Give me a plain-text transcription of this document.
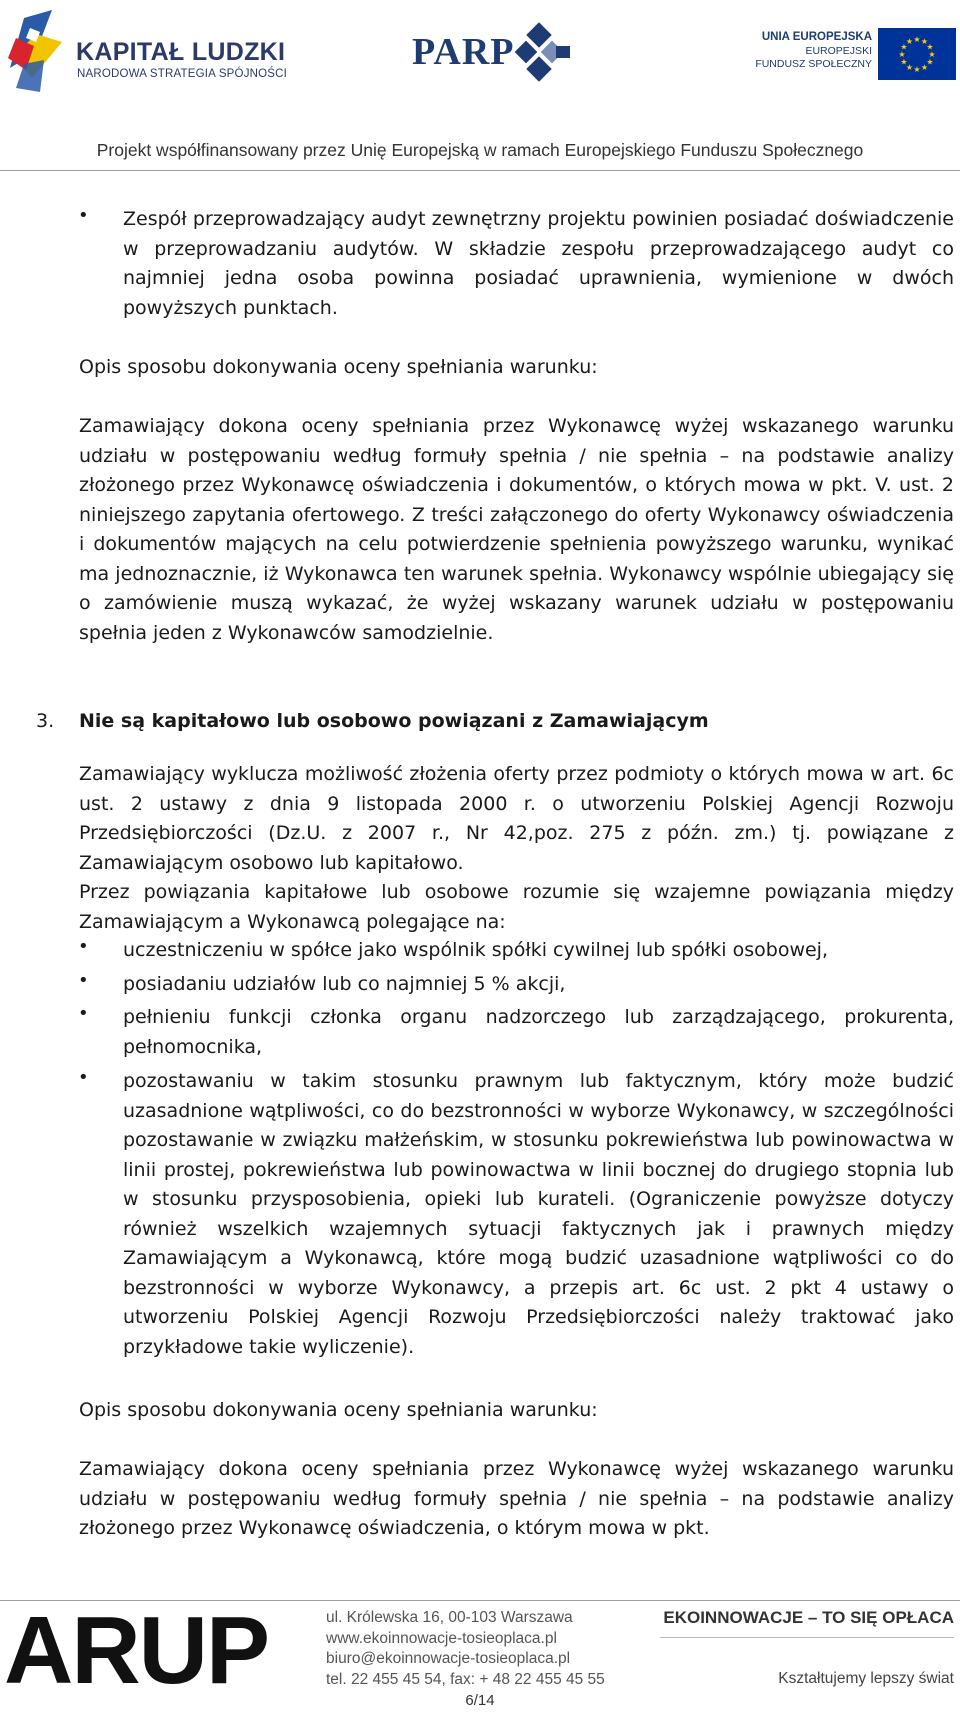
KAPITAŁ LUDZKI
NARODOWA STRATEGIA SPÓJNOŚCI
PARP	UNIA EUROPEJSKA
EUROPEJSKI
FUNDUSZ SPOŁECZNY
★ ★
★
★
★
★
★
★
★
★
★
★
Projekt współfinansowany przez Unię Europejską w ramach Europejskiego Funduszu Społecznego
• Zespół przeprowadzający audyt zewnętrzny projektu powinien posiadać doświadczenie w przeprowadzaniu audytów. W składzie zespołu przeprowadzającego audyt co najmniej jedna osoba powinna posiadać uprawnienia, wymienione w dwóch powyższych punktach.
Opis sposobu dokonywania oceny spełniania warunku:
Zamawiający dokona oceny spełniania przez Wykonawcę wyżej wskazanego warunku udziału w postępowaniu według formuły spełnia / nie spełnia – na podstawie analizy złożonego przez Wykonawcę oświadczenia i dokumentów, o których mowa w pkt. V. ust. 2 niniejszego zapytania ofertowego. Z treści załączonego do oferty Wykonawcy oświadczenia i dokumentów mających na celu potwierdzenie spełnienia powyższego warunku, wynikać ma jednoznacznie, iż Wykonawca ten warunek spełnia. Wykonawcy wspólnie ubiegający się o zamówienie muszą wykazać, że wyżej wskazany warunek udziału w postępowaniu spełnia jeden z Wykonawców samodzielnie.
3. Nie są kapitałowo lub osobowo powiązani z Zamawiającym
Zamawiający wyklucza możliwość złożenia oferty przez podmioty o których mowa w art. 6c ust. 2 ustawy z dnia 9 listopada 2000 r. o utworzeniu Polskiej Agencji Rozwoju Przedsiębiorczości (Dz.U. z 2007 r., Nr 42,poz. 275 z późn. zm.) tj. powiązane z Zamawiającym osobowo lub kapitałowo.
Przez powiązania kapitałowe lub osobowe rozumie się wzajemne powiązania między Zamawiającym a Wykonawcą polegające na:
• uczestniczeniu w spółce jako wspólnik spółki cywilnej lub spółki osobowej,
• posiadaniu udziałów lub co najmniej 5 % akcji,
• pełnieniu funkcji członka organu nadzorczego lub zarządzającego, prokurenta, pełnomocnika,
• pozostawaniu w takim stosunku prawnym lub faktycznym, który może budzić uzasadnione wątpliwości, co do bezstronności w wyborze Wykonawcy, w szczególności pozostawanie w związku małżeńskim, w stosunku pokrewieństwa lub powinowactwa w linii prostej, pokrewieństwa lub powinowactwa w linii bocznej do drugiego stopnia lub w stosunku przysposobienia, opieki lub kurateli. (Ograniczenie powyższe dotyczy również wszelkich wzajemnych sytuacji faktycznych jak i prawnych między Zamawiającym a Wykonawcą, które mogą budzić uzasadnione wątpliwości co do bezstronności w wyborze Wykonawcy, a przepis art. 6c ust. 2 pkt 4 ustawy o utworzeniu Polskiej Agencji Rozwoju Przedsiębiorczości należy traktować jako przykładowe takie wyliczenie).
Opis sposobu dokonywania oceny spełniania warunku:
Zamawiający dokona oceny spełniania przez Wykonawcę wyżej wskazanego warunku udziału w postępowaniu według formuły spełnia / nie spełnia – na podstawie analizy złożonego przez Wykonawcę oświadczenia, o którym mowa w pkt.
ARUP	ul. Królewska 16, 00-103 Warszawa
www.ekoinnowacje-tosieoplaca.pl
biuro@ekoinnowacje-tosieoplaca.pl
tel. 22 455 45 54, fax: + 48 22 455 45 55
EKOINNOWACJE – TO SIĘ OPŁACA
Kształtujemy lepszy świat
6/14
